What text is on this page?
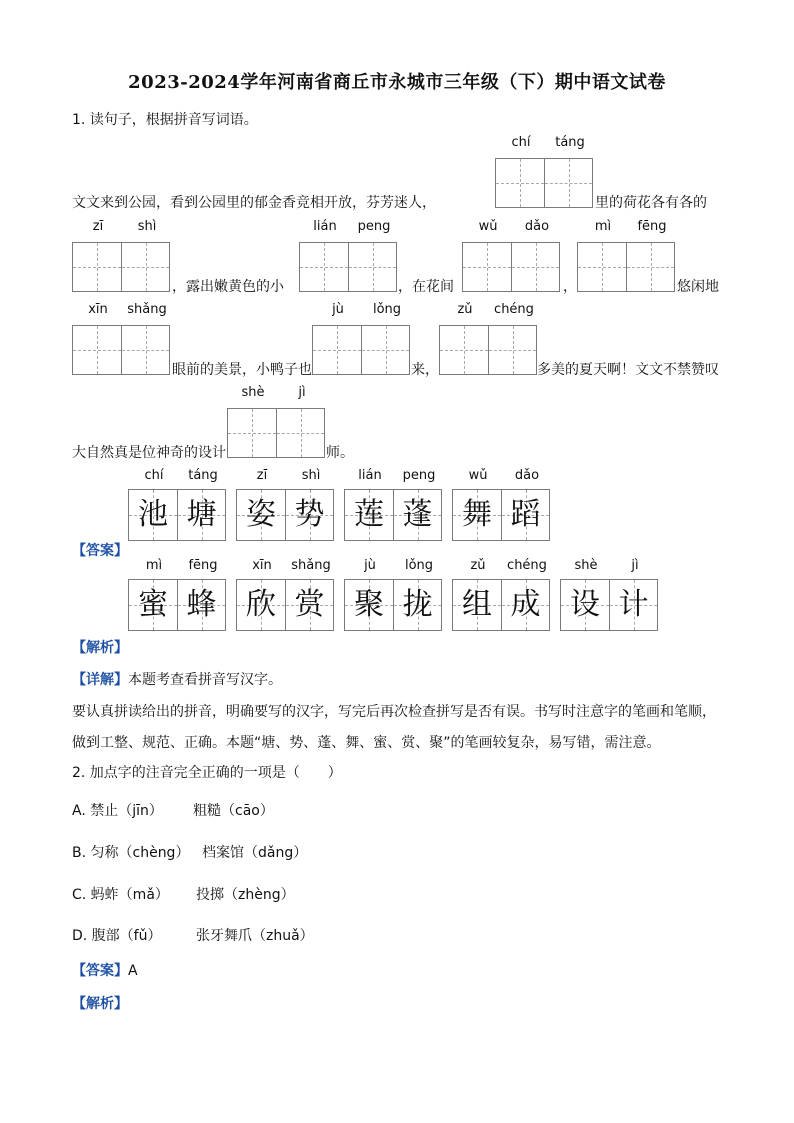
2023-2024学年河南省商丘市永城市三年级（下）期中语文试卷
1. 读句子，根据拼音写词语。
文文来到公园，看到公园里的郁金香竞相开放，芬芳迷人，
chí	táng
里的荷花各有各的
zī	shì
，露出嫩黄色的小
lián	peng
，在花间
wǔ	dǎo
，
mì	fēng
悠闲地
xīn	shǎng
眼前的美景，小鸭子也
jù	lǒng
来，
zǔ	chéng
多美的夏天啊！文文不禁赞叹
大自然真是位神奇的设计
shè	jì
师。
chí	táng
池 塘
zī	shì
姿 势
lián	peng
莲 蓬
wǔ	dǎo
舞 蹈
mì	fēng
蜜 蜂
xīn	shǎng
欣 赏
jù	lǒng
聚 拢
zǔ	chéng
组 成
shè	jì
设 计
【答案】
【解析】
【详解】本题考查看拼音写汉字。
要认真拼读给出的拼音，明确要写的汉字，写完后再次检查拼写是否有误。书写时注意字的笔画和笔顺，
做到工整、规范、正确。本题“塘、势、蓬、舞、蜜、赏、聚”的笔画较复杂，易写错，需注意。
2. 加点字的注音完全正确的一项是（　　）
A. 禁止（jīn） 粗糙（cāo）
B. 匀称（chèng） 档案馆（dǎng）
C. 蚂蚱（mǎ） 投掷（zhèng）
D. 腹部（fǔ） 张牙舞爪（zhuǎ）
【答案】A
【解析】
